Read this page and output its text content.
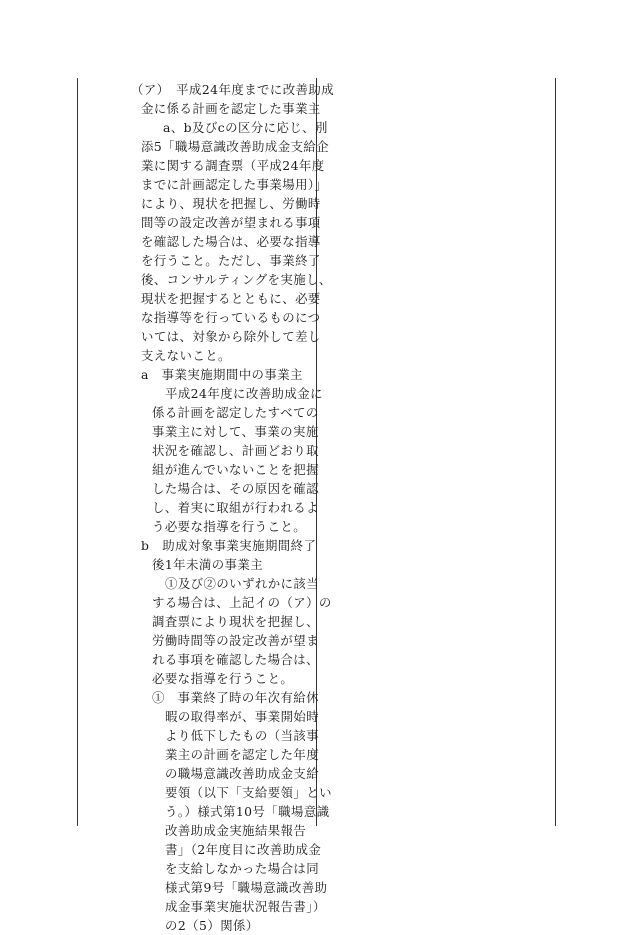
（ア）　平成24年度までに改善助成
金に係る計画を認定した事業主
a、b及びcの区分に応じ、別
添5「職場意識改善助成金支給企
業に関する調査票（平成24年度
までに計画認定した事業場用）」
により、現状を把握し、労働時
間等の設定改善が望まれる事項
を確認した場合は、必要な指導
を行うこと。ただし、事業終了
後、コンサルティングを実施し、
現状を把握するとともに、必要
な指導等を行っているものにつ
いては、対象から除外して差し
支えないこと。
a　事業実施期間中の事業主
平成24年度に改善助成金に
係る計画を認定したすべての
事業主に対して、事業の実施
状況を確認し、計画どおり取
組が進んでいないことを把握
した場合は、その原因を確認
し、着実に取組が行われるよ
う必要な指導を行うこと。
b　助成対象事業実施期間終了
後1年未満の事業主
①及び②のいずれかに該当
する場合は、上記イの（ア）の
調査票により現状を把握し、
労働時間等の設定改善が望ま
れる事項を確認した場合は、
必要な指導を行うこと。
①　事業終了時の年次有給休
暇の取得率が、事業開始時
より低下したもの（当該事
業主の計画を認定した年度
の職場意識改善助成金支給
要領（以下「支給要領」とい
う。）様式第10号「職場意識
改善助成金実施結果報告
書」（2年度目に改善助成金
を支給しなかった場合は同
様式第9号「職場意識改善助
成金事業実施状況報告書」）
の2（5）関係）
